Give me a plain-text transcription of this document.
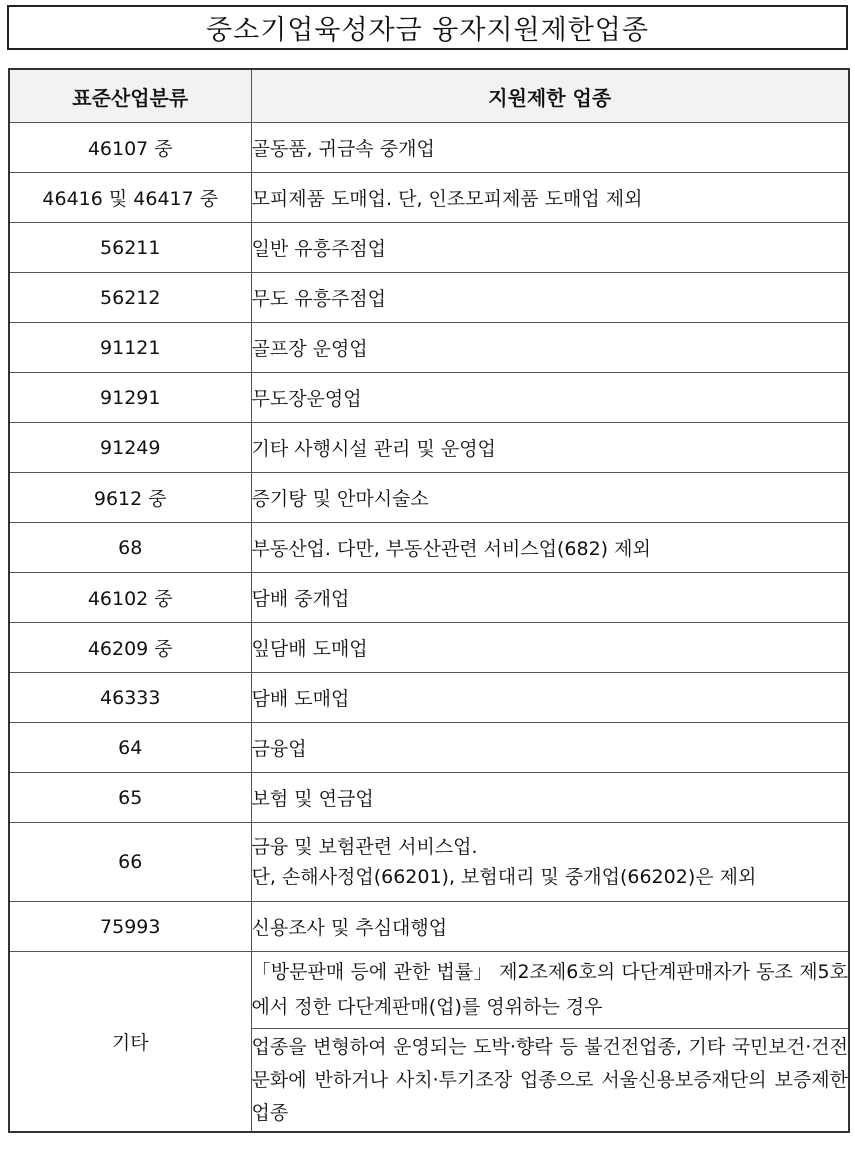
중소기업육성자금 융자지원제한업종
표준산업분류	지원제한 업종
46107 중	골동품, 귀금속 중개업
46416 및 46417 중	모피제품 도매업. 단, 인조모피제품 도매업 제외
56211	일반 유흥주점업
56212	무도 유흥주점업
91121	골프장 운영업
91291	무도장운영업
91249	기타 사행시설 관리 및 운영업
9612 중	증기탕 및 안마시술소
68	부동산업. 다만, 부동산관련 서비스업(682) 제외
46102 중	담배 중개업
46209 중	잎담배 도매업
46333	담배 도매업
64	금융업
65	보험 및 연금업
66	금융 및 보험관련 서비스업.
단, 손해사정업(66201), 보험대리 및 중개업(66202)은 제외

75993	신용조사 및 추심대행업
기타	「방문판매 등에 관한 법률」 제2조제6호의 다단계판매자가 동조 제5호에서 정한 다단계판매(업)를 영위하는 경우
	업종을 변형하여 운영되는 도박·향락 등 불건전업종, 기타 국민보건·건전문화에 반하거나 사치·투기조장 업종으로 서울신용보증재단의 보증제한 업종
